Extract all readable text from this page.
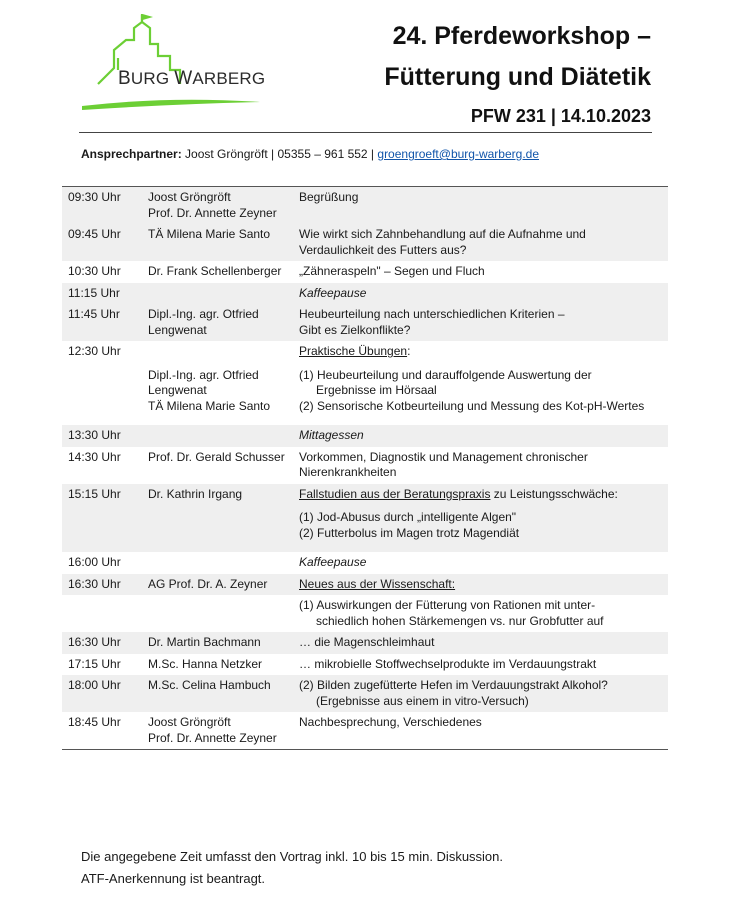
BURG WARBERG
24. Pferdeworkshop –
Fütterung und Diätetik
PFW 231 | 14.10.2023
Ansprechpartner: Joost Gröngröft | 05355 – 961 552 | groengroeft@burg-warberg.de
09:30 Uhr	Joost Gröngröft
Prof. Dr. Annette Zeyner	Begrüßung
09:45 Uhr	TÄ Milena Marie Santo	Wie wirkt sich Zahnbehandlung auf die Aufnahme und
Verdaulichkeit des Futters aus?

10:30 Uhr	Dr. Frank Schellenberger	„Zähneraspeln" – Segen und Fluch
11:15 Uhr		Kaffeepause
11:45 Uhr	Dipl.-Ing. agr. Otfried
Lengwenat	Heubeurteilung nach unterschiedlichen Kriterien –
Gibt es Zielkonflikte?

12:30 Uhr	Dipl.-Ing. agr. Otfried
Lengwenat
TÄ Milena Marie Santo	Praktische Übungen:
(1) Heubeurteilung und darauffolgende Auswertung der
Ergebnisse im Hörsaal
(2) Sensorische Kotbeurteilung und Messung des Kot-pH-Wertes

13:30 Uhr		Mittagessen
14:30 Uhr	Prof. Dr. Gerald Schusser	Vorkommen, Diagnostik und Management chronischer
Nierenkrankheiten

15:15 Uhr	Dr. Kathrin Irgang	Fallstudien aus der Beratungspraxis zu Leistungsschwäche:
(1) Jod-Abusus durch „intelligente Algen"
(2) Futterbolus im Magen trotz Magendiät

16:00 Uhr		Kaffeepause
16:30 Uhr	AG Prof. Dr. A. Zeyner	Neues aus der Wissenschaft:

		(1) Auswirkungen der Fütterung von Rationen mit unter-
schiedlich hohen Stärkemengen vs. nur Grobfutter auf

16:30 Uhr	Dr. Martin Bachmann	… die Magenschleimhaut
17:15 Uhr	M.Sc. Hanna Netzker	… mikrobielle Stoffwechselprodukte im Verdauungstrakt
18:00 Uhr	M.Sc. Celina Hambuch	(2) Bilden zugefütterte Hefen im Verdauungstrakt Alkohol?
(Ergebnisse aus einem in vitro-Versuch)

18:45 Uhr	Joost Gröngröft
Prof. Dr. Annette Zeyner	Nachbesprechung, Verschiedenes
Die angegebene Zeit umfasst den Vortrag inkl. 10 bis 15 min. Diskussion.
ATF-Anerkennung ist beantragt.
